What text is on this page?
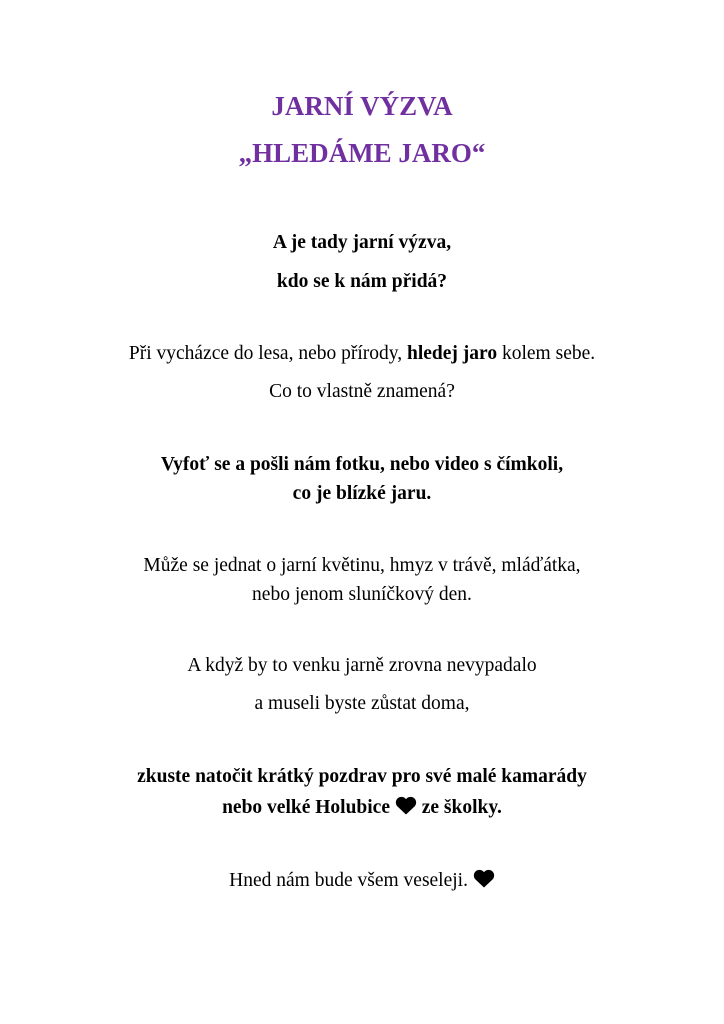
JARNÍ VÝZVA
„HLEDÁME JARO“
A je tady jarní výzva,
kdo se k nám přidá?
Při vycházce do lesa, nebo přírody, hledej jaro kolem sebe.
Co to vlastně znamená?
Vyfoť se a pošli nám fotku, nebo video s čímkoli,
co je blízké jaru.
Může se jednat o jarní květinu, hmyz v trávě, mláďátka,
nebo jenom sluníčkový den.
A když by to venku jarně zrovna nevypadalo
a museli byste zůstat doma,
zkuste natočit krátký pozdrav pro své malé kamarády
nebo velké Holubice ze školky.
Hned nám bude všem veseleji.
